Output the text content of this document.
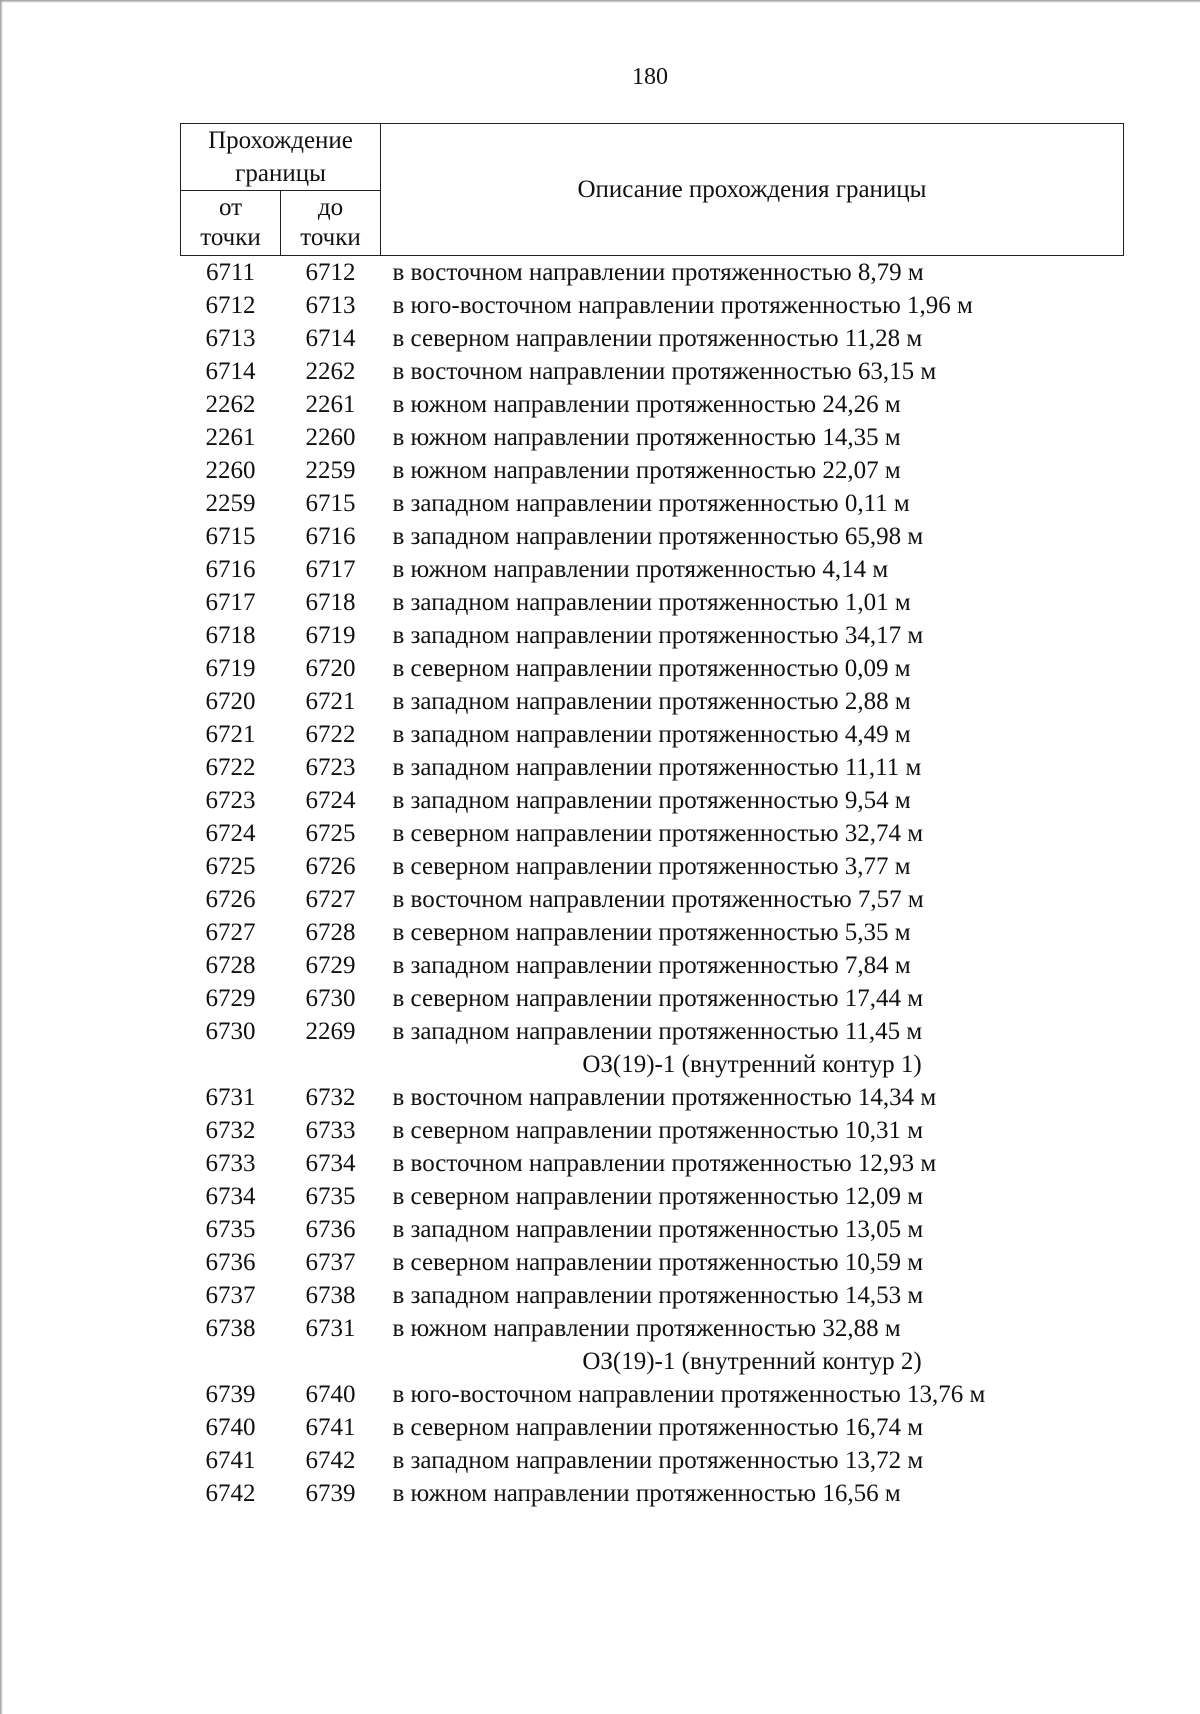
180
Прохождение
границы		Описание прохождения границы

от
точки	до
точки	

6711	6712	в восточном направлении протяженностью 8,79 м
6712	6713	в юго-восточном направлении протяженностью 1,96 м
6713	6714	в северном направлении протяженностью 11,28 м
6714	2262	в восточном направлении протяженностью 63,15 м
2262	2261	в южном направлении протяженностью 24,26 м
2261	2260	в южном направлении протяженностью 14,35 м
2260	2259	в южном направлении протяженностью 22,07 м
2259	6715	в западном направлении протяженностью 0,11 м
6715	6716	в западном направлении протяженностью 65,98 м
6716	6717	в южном направлении протяженностью 4,14 м
6717	6718	в западном направлении протяженностью 1,01 м
6718	6719	в западном направлении протяженностью 34,17 м
6719	6720	в северном направлении протяженностью 0,09 м
6720	6721	в западном направлении протяженностью 2,88 м
6721	6722	в западном направлении протяженностью 4,49 м
6722	6723	в западном направлении протяженностью 11,11 м
6723	6724	в западном направлении протяженностью 9,54 м
6724	6725	в северном направлении протяженностью 32,74 м
6725	6726	в северном направлении протяженностью 3,77 м
6726	6727	в восточном направлении протяженностью 7,57 м
6727	6728	в северном направлении протяженностью 5,35 м
6728	6729	в западном направлении протяженностью 7,84 м
6729	6730	в северном направлении протяженностью 17,44 м
6730	2269	в западном направлении протяженностью 11,45 м
		ОЗ(19)-1 (внутренний контур 1)
6731	6732	в восточном направлении протяженностью 14,34 м
6732	6733	в северном направлении протяженностью 10,31 м
6733	6734	в восточном направлении протяженностью 12,93 м
6734	6735	в северном направлении протяженностью 12,09 м
6735	6736	в западном направлении протяженностью 13,05 м
6736	6737	в северном направлении протяженностью 10,59 м
6737	6738	в западном направлении протяженностью 14,53 м
6738	6731	в южном направлении протяженностью 32,88 м
		ОЗ(19)-1 (внутренний контур 2)
6739	6740	в юго-восточном направлении протяженностью 13,76 м
6740	6741	в северном направлении протяженностью 16,74 м
6741	6742	в западном направлении протяженностью 13,72 м
6742	6739	в южном направлении протяженностью 16,56 м
